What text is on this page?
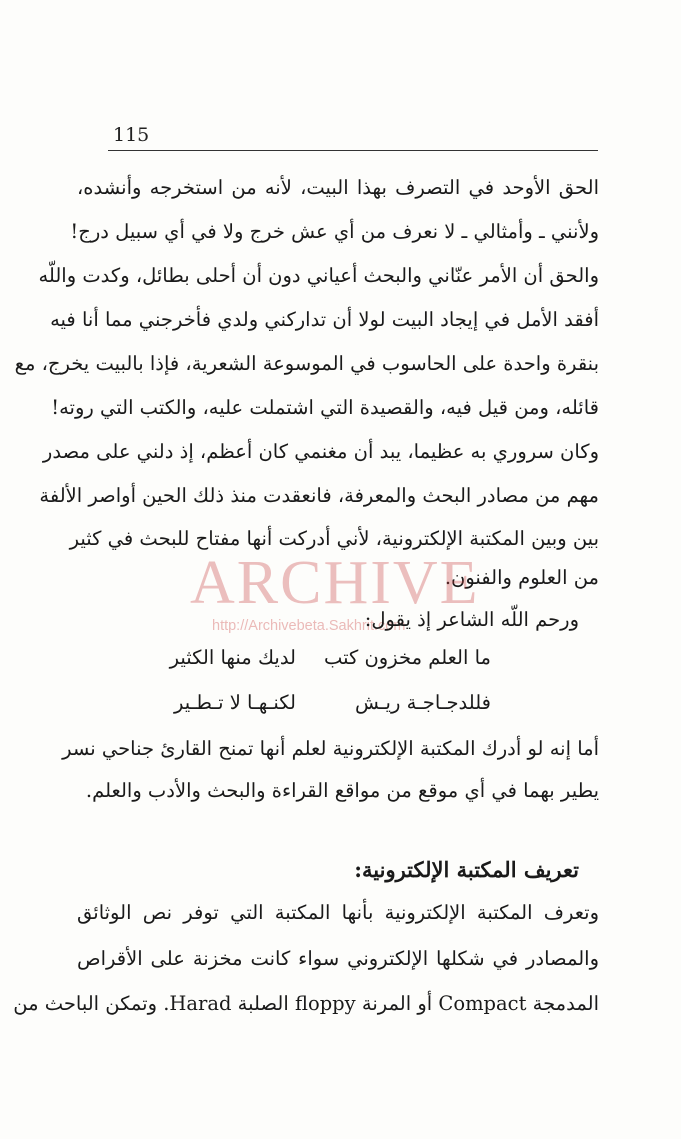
115
الحق الأوحد في التصرف بهذا البيت، لأنه من استخرجه وأنشده،
ولأنني ـ وأمثالي ـ لا نعرف من أي عش خرج ولا في أي سبيل درج!
والحق أن الأمر عنّاني والبحث أعياني دون أن أحلى بطائل، وكدت واللّه
أفقد الأمل في إيجاد البيت لولا أن تداركني ولدي فأخرجني مما أنا فيه
بنقرة واحدة على الحاسوب في الموسوعة الشعرية، فإذا بالبيت يخرج، مع
قائله، ومن قيل فيه، والقصيدة التي اشتملت عليه، والكتب التي روته!
وكان سروري به عظيما، يبد أن مغنمي كان أعظم، إذ دلني على مصدر
مهم من مصادر البحث والمعرفة، فانعقدت منذ ذلك الحين أواصر الألفة
بين وبين المكتبة الإلكترونية، لأني أدركت أنها مفتاح للبحث في كثير
من العلوم والفنون.
ARCHIVE
http://Archivebeta.Sakhrit.com
ورحم اللّه الشاعر إذ يقول:
ما العلم مخزون كتب
لديك منها الكثير
فللدجـاجـة ريـش
لكنـهـا لا تـطـير
أما إنه لو أدرك المكتبة الإلكترونية لعلم أنها تمنح القارئ جناحي نسر
يطير بهما في أي موقع من مواقع القراءة والبحث والأدب والعلم.
تعريف المكتبة الإلكترونية:
وتعرف المكتبة الإلكترونية بأنها المكتبة التي توفر نص الوثائق
والمصادر في شكلها الإلكتروني سواء كانت مخزنة على الأقراص
المدمجة Compact أو المرنة floppy الصلبة Harad. وتمكن الباحث من
